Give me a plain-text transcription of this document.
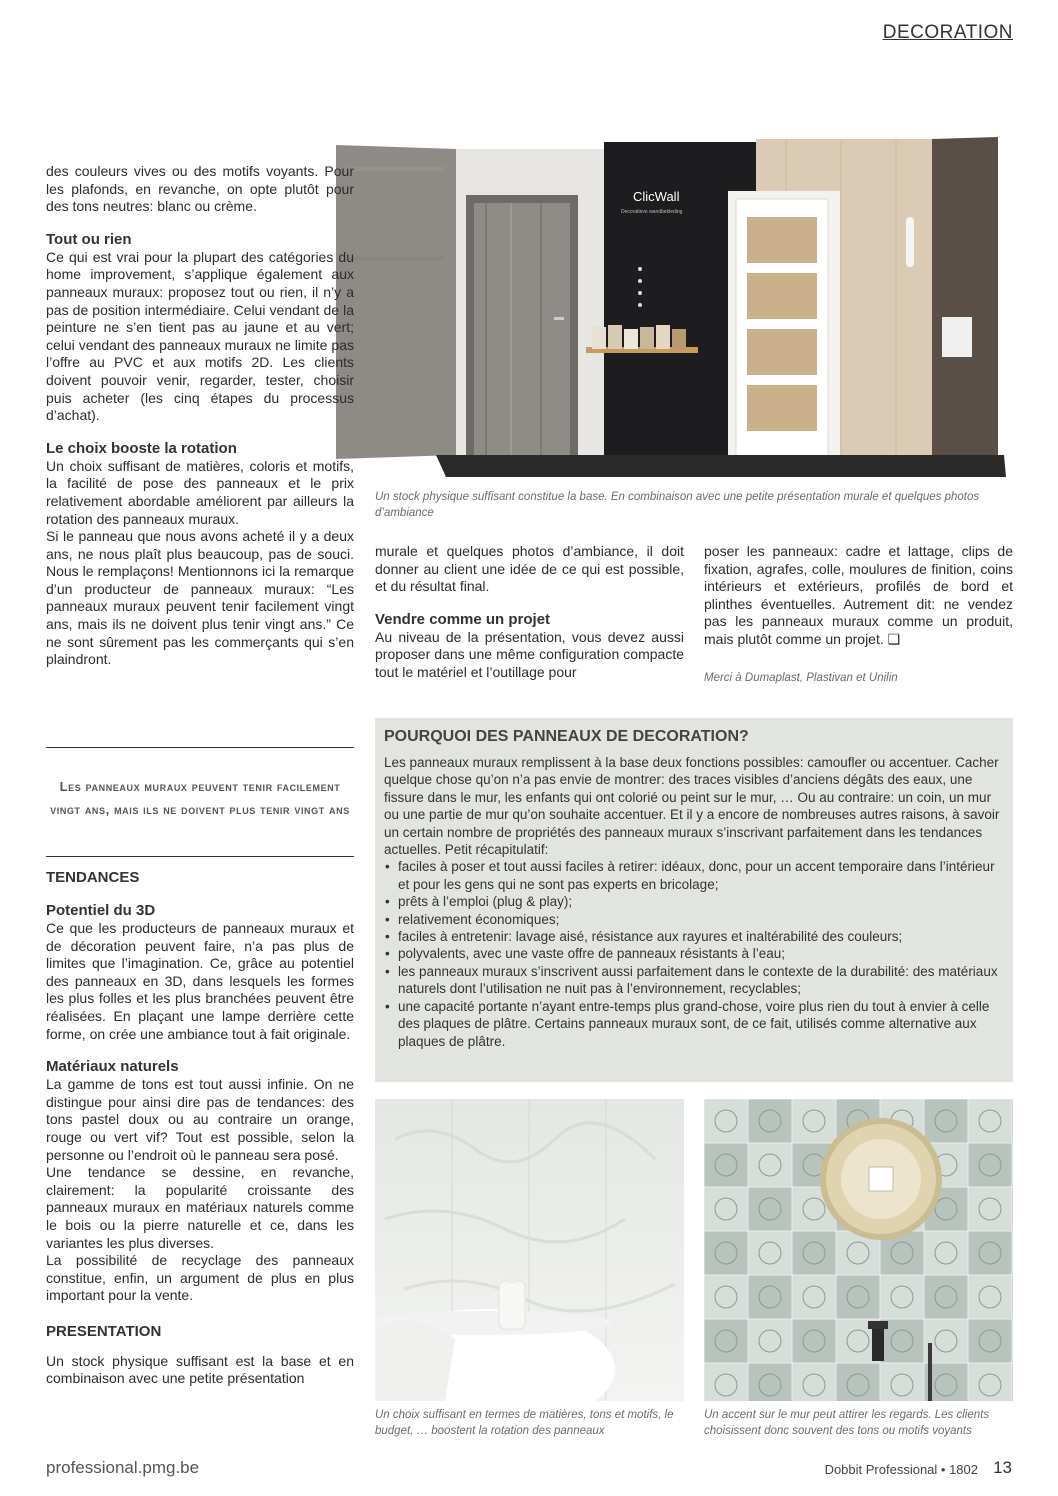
DECORATION
ClicWall
Decoratieve wandbekleding
Un stock physique suffisant constitue la base. En combinaison avec une petite présentation murale et quelques photos d’ambiance

des couleurs vives ou des motifs voyants. Pour les plafonds, en revanche, on opte plutôt pour des tons neutres: blanc ou crème.

Tout ou rien

Ce qui est vrai pour la plupart des catégories du home improvement, s’applique également aux panneaux muraux: proposez tout ou rien, il n’y a pas de position intermédiaire. Celui vendant de la peinture ne s’en tient pas au jaune et au vert; celui vendant des panneaux muraux ne limite pas l’offre au PVC et aux motifs 2D. Les clients doivent pouvoir venir, regarder, tester, choisir puis acheter (les cinq étapes du processus d’achat).

Le choix booste la rotation

Un choix suffisant de matières, coloris et motifs, la facilité de pose des panneaux et le prix relativement abordable améliorent par ailleurs la rotation des panneaux muraux.

Si le panneau que nous avons acheté il y a deux ans, ne nous plaît plus beaucoup, pas de souci. Nous le remplaçons! Mentionnons ici la remarque d’un producteur de panneaux muraux: “Les panneaux muraux peuvent tenir facilement vingt ans, mais ils ne doivent plus tenir vingt ans.” Ce ne sont sûrement pas les commerçants qui s’en plaindront.

Les panneaux muraux peuvent tenir facilement vingt ans, mais ils ne doivent plus tenir vingt ans
TENDANCES
Potentiel du 3D

Ce que les producteurs de panneaux muraux et de décoration peuvent faire, n’a pas plus de limites que l’imagination. Ce, grâce au potentiel des panneaux en 3D, dans lesquels les formes les plus folles et les plus branchées peuvent être réalisées. En plaçant une lampe derrière cette forme, on crée une ambiance tout à fait originale.

Matériaux naturels

La gamme de tons est tout aussi infinie. On ne distingue pour ainsi dire pas de tendances: des tons pastel doux ou au contraire un orange, rouge ou vert vif? Tout est possible, selon la personne ou l’endroit où le panneau sera posé.

Une tendance se dessine, en revanche, clairement: la popularité croissante des panneaux muraux en matériaux naturels comme le bois ou la pierre naturelle et ce, dans les variantes les plus diverses.

La possibilité de recyclage des panneaux constitue, enfin, un argument de plus en plus important pour la vente.

PRESENTATION

Un stock physique suffisant est la base et en combinaison avec une petite présentation

murale et quelques photos d’ambiance, il doit donner au client une idée de ce qui est possible, et du résultat final.

Vendre comme un projet

Au niveau de la présentation, vous devez aussi proposer dans une même configuration compacte tout le matériel et l’outillage pour

poser les panneaux: cadre et lattage, clips de fixation, agrafes, colle, moulures de finition, coins intérieurs et extérieurs, profilés de bord et plinthes éventuelles. Autrement dit: ne vendez pas les panneaux muraux comme un produit, mais plutôt comme un projet. ❑

Merci à Dumaplast, Plastivan et Unilin
POURQUOI DES PANNEAUX DE DECORATION?

Les panneaux muraux remplissent à la base deux fonctions possibles: camoufler ou accentuer. Cacher quelque chose qu’on n’a pas envie de montrer: des traces visibles d’anciens dégâts des eaux, une fissure dans le mur, les enfants qui ont colorié ou peint sur le mur, … Ou au contraire: un coin, un mur ou une partie de mur qu’on souhaite accentuer. Et il y a encore de nombreuses autres raisons, à savoir un certain nombre de propriétés des panneaux muraux s’inscrivant parfaitement dans les tendances actuelles. Petit récapitulatif:

• faciles à poser et tout aussi faciles à retirer: idéaux, donc, pour un accent temporaire dans l’intérieur et pour les gens qui ne sont pas experts en bricolage;
• prêts à l’emploi (plug & play);
• relativement économiques;
• faciles à entretenir: lavage aisé, résistance aux rayures et inaltérabilité des couleurs;
• polyvalents, avec une vaste offre de panneaux résistants à l’eau;
• les panneaux muraux s’inscrivent aussi parfaitement dans le contexte de la durabilité: des matériaux naturels dont l’utilisation ne nuit pas à l’environnement, recyclables;
• une capacité portante n’ayant entre-temps plus grand-chose, voire plus rien du tout à envier à celle des plaques de plâtre. Certains panneaux muraux sont, de ce fait, utilisés comme alternative aux plaques de plâtre.
Un choix suffisant en termes de matières, tons et motifs, le budget, … boostent la rotation des panneaux
Un accent sur le mur peut attirer les regards. Les clients choisissent donc souvent des tons ou motifs voyants
professional.pmg.be	Dobbit Professional • 1802 13
